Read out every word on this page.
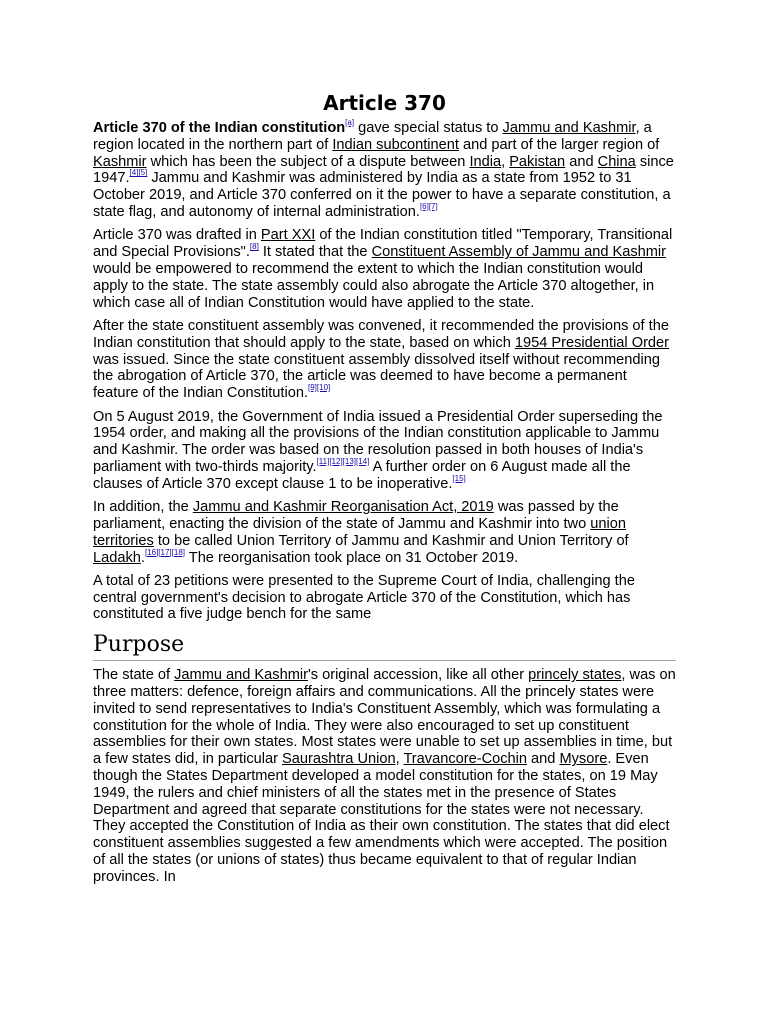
Article 370

Article 370 of the Indian constitution[a] gave special status to Jammu and Kashmir, a region located in the northern part of Indian subcontinent and part of the larger region of Kashmir which has been the subject of a dispute between India, Pakistan and China since 1947.[4][5] Jammu and Kashmir was administered by India as a state from 1952 to 31 October 2019, and Article 370 conferred on it the power to have a separate constitution, a state flag, and autonomy of internal administration.[6][7]

Article 370 was drafted in Part XXI of the Indian constitution titled "Temporary, Transitional and Special Provisions".[8] It stated that the Constituent Assembly of Jammu and Kashmir would be empowered to recommend the extent to which the Indian constitution would apply to the state. The state assembly could also abrogate the Article 370 altogether, in which case all of Indian Constitution would have applied to the state.

After the state constituent assembly was convened, it recommended the provisions of the Indian constitution that should apply to the state, based on which 1954 Presidential Order was issued. Since the state constituent assembly dissolved itself without recommending the abrogation of Article 370, the article was deemed to have become a permanent feature of the Indian Constitution.[9][10]

On 5 August 2019, the Government of India issued a Presidential Order superseding the 1954 order, and making all the provisions of the Indian constitution applicable to Jammu and Kashmir. The order was based on the resolution passed in both houses of India's parliament with two-thirds majority.[11][12][13][14] A further order on 6 August made all the clauses of Article 370 except clause 1 to be inoperative.[15]

In addition, the Jammu and Kashmir Reorganisation Act, 2019 was passed by the parliament, enacting the division of the state of Jammu and Kashmir into two union territories to be called Union Territory of Jammu and Kashmir and Union Territory of Ladakh.[16][17][18] The reorganisation took place on 31 October 2019.

A total of 23 petitions were presented to the Supreme Court of India, challenging the central government's decision to abrogate Article 370 of the Constitution, which has constituted a five judge bench for the same

Purpose

The state of Jammu and Kashmir's original accession, like all other princely states, was on three matters: defence, foreign affairs and communications. All the princely states were invited to send representatives to India's Constituent Assembly, which was formulating a constitution for the whole of India. They were also encouraged to set up constituent assemblies for their own states. Most states were unable to set up assemblies in time, but a few states did, in particular Saurashtra Union, Travancore-Cochin and Mysore. Even though the States Department developed a model constitution for the states, on 19 May 1949, the rulers and chief ministers of all the states met in the presence of States Department and agreed that separate constitutions for the states were not necessary. They accepted the Constitution of India as their own constitution. The states that did elect constituent assemblies suggested a few amendments which were accepted. The position of all the states (or unions of states) thus became equivalent to that of regular Indian provinces. In
